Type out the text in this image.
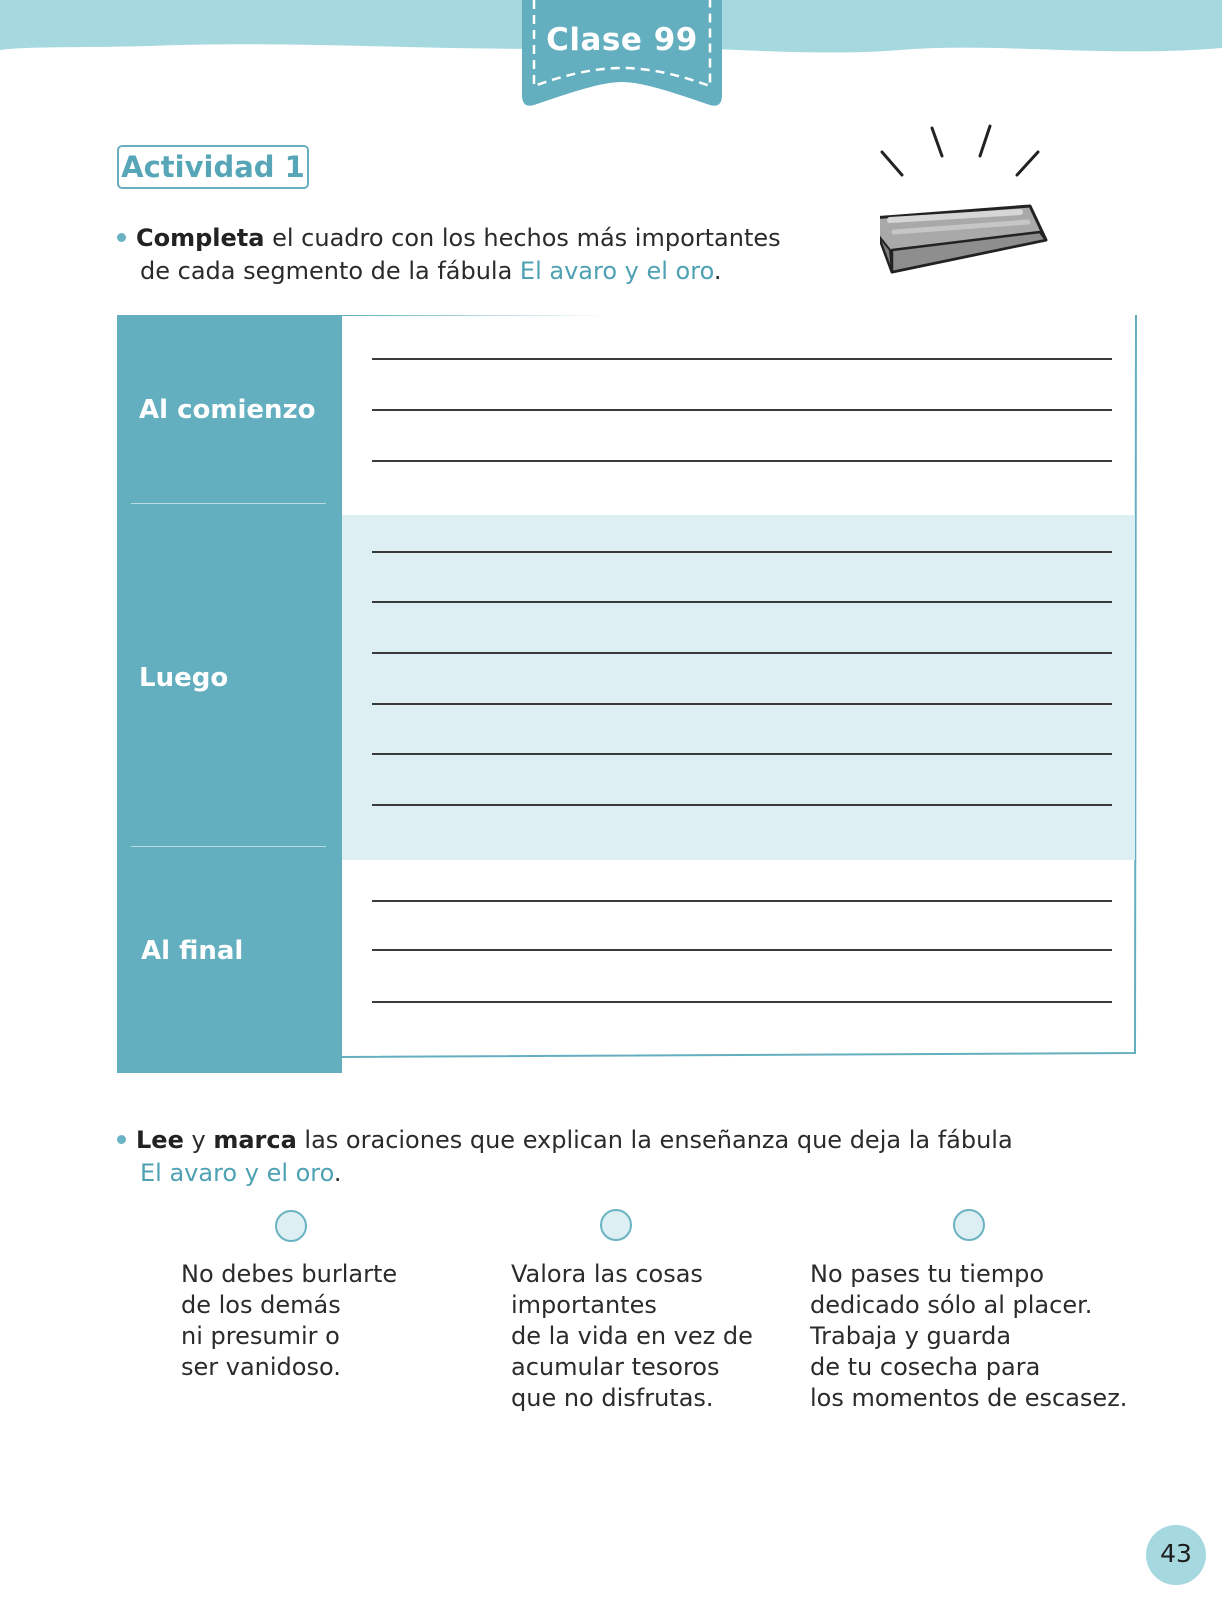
Clase 99
Actividad 1
Completa el cuadro con los hechos más importantes
de cada segmento de la fábula El avaro y el oro.
Al comienzo
Luego
Al final
Lee y marca las oraciones que explican la enseñanza que deja la fábula
El avaro y el oro.
No debes burlarte
de los demás
ni presumir o
ser vanidoso.
Valora las cosas
importantes
de la vida en vez de
acumular tesoros
que no disfrutas.
No pases tu tiempo
dedicado sólo al placer.
Trabaja y guarda
de tu cosecha para
los momentos de escasez.
43
